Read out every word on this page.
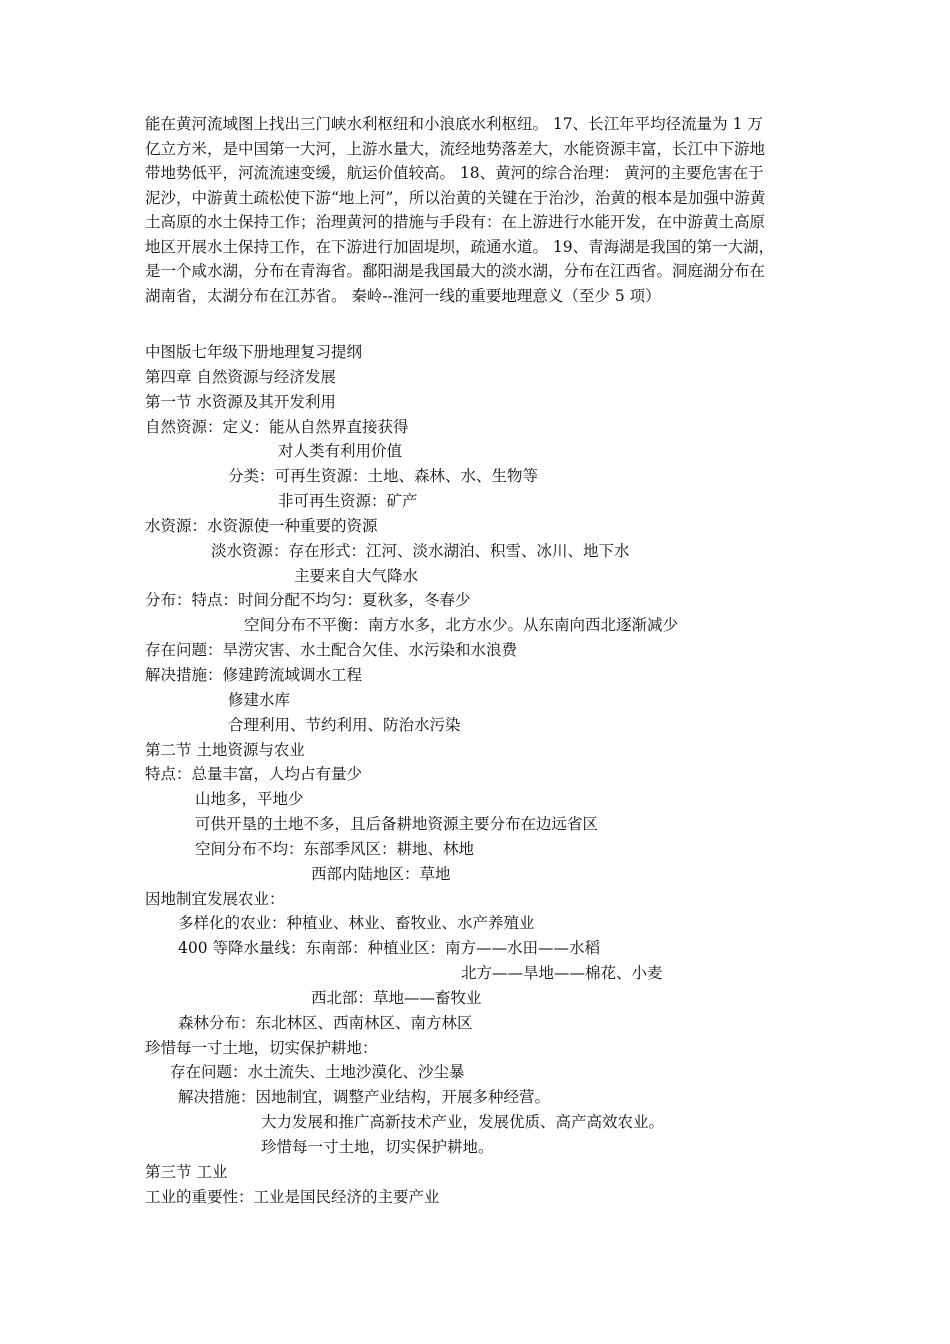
能在黄河流域图上找出三门峡水利枢纽和小浪底水利枢纽。 17、长江年平均径流量为 1 万
亿立方米，是中国第一大河，上游水量大，流经地势落差大，水能资源丰富，长江中下游地
带地势低平，河流流速变缓，航运价值较高。 18、黄河的综合治理： 黄河的主要危害在于
泥沙，中游黄土疏松使下游“地上河”，所以治黄的关键在于治沙，治黄的根本是加强中游黄
土高原的水土保持工作；治理黄河的措施与手段有：在上游进行水能开发，在中游黄土高原
地区开展水土保持工作，在下游进行加固堤坝，疏通水道。 19、青海湖是我国的第一大湖，
是一个咸水湖，分布在青海省。鄱阳湖是我国最大的淡水湖，分布在江西省。洞庭湖分布在
湖南省，太湖分布在江苏省。 秦岭--淮河一线的重要地理意义（至少 5 项）
中图版七年级下册地理复习提纲
第四章 自然资源与经济发展
第一节 水资源及其开发利用
自然资源：定义：能从自然界直接获得
对人类有利用价值
分类：可再生资源：土地、森林、水、生物等
非可再生资源：矿产
水资源：水资源使一种重要的资源
淡水资源：存在形式：江河、淡水湖泊、积雪、冰川、地下水
主要来自大气降水
分布：特点：时间分配不均匀：夏秋多，冬春少
空间分布不平衡：南方水多，北方水少。从东南向西北逐渐减少
存在问题：旱涝灾害、水土配合欠佳、水污染和水浪费
解决措施：修建跨流域调水工程
修建水库
合理利用、节约利用、防治水污染
第二节 土地资源与农业
特点：总量丰富，人均占有量少
山地多，平地少
可供开垦的土地不多，且后备耕地资源主要分布在边远省区
空间分布不均：东部季风区：耕地、林地
西部内陆地区：草地
因地制宜发展农业：
多样化的农业：种植业、林业、畜牧业、水产养殖业
400 等降水量线：东南部：种植业区：南方——水田——水稻
北方——旱地——棉花、小麦
西北部：草地——畜牧业
森林分布：东北林区、西南林区、南方林区
珍惜每一寸土地，切实保护耕地：
存在问题：水土流失、土地沙漠化、沙尘暴
解决措施：因地制宜，调整产业结构，开展多种经营。
大力发展和推广高新技术产业，发展优质、高产高效农业。
珍惜每一寸土地，切实保护耕地。
第三节 工业
工业的重要性：工业是国民经济的主要产业
